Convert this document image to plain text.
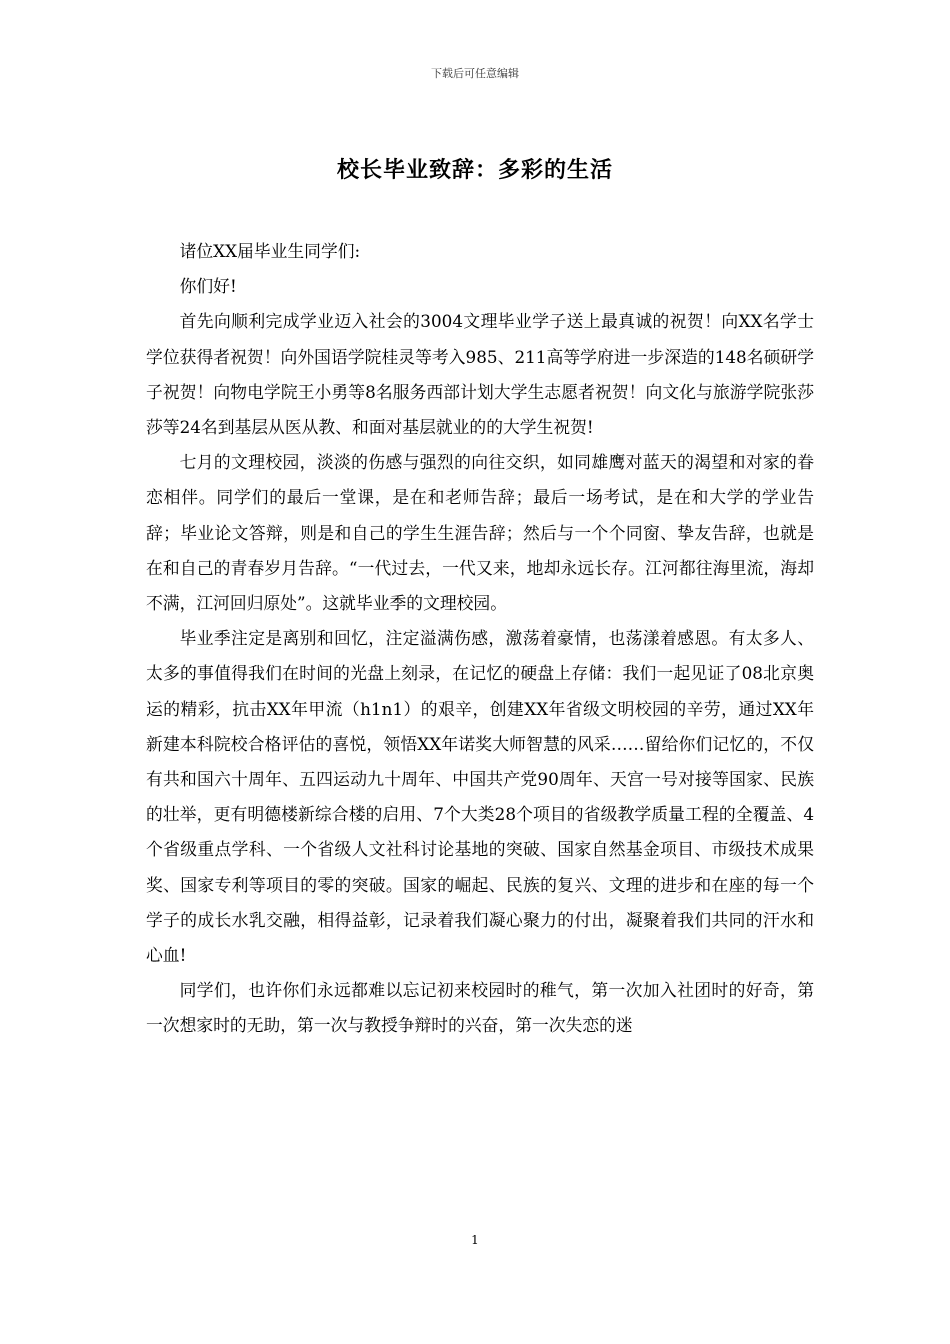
下载后可任意编辑
校长毕业致辞：多彩的生活

诸位XX届毕业生同学们:

你们好!

首先向顺利完成学业迈入社会的3004文理毕业学子送上最真诚的祝贺！向XX名学士学位获得者祝贺！向外国语学院桂灵等考入985、211高等学府进一步深造的148名硕研学子祝贺！向物电学院王小勇等8名服务西部计划大学生志愿者祝贺！向文化与旅游学院张莎莎等24名到基层从医从教、和面对基层就业的的大学生祝贺!

七月的文理校园，淡淡的伤感与强烈的向往交织，如同雄鹰对蓝天的渴望和对家的眷恋相伴。同学们的最后一堂课，是在和老师告辞；最后一场考试，是在和大学的学业告辞；毕业论文答辩，则是和自己的学生生涯告辞；然后与一个个同窗、挚友告辞，也就是在和自己的青春岁月告辞。“一代过去，一代又来，地却永远长存。江河都往海里流，海却不满，江河回归原处”。这就毕业季的文理校园。

毕业季注定是离别和回忆，注定溢满伤感，激荡着豪情，也荡漾着感恩。有太多人、太多的事值得我们在时间的光盘上刻录，在记忆的硬盘上存储：我们一起见证了08北京奥运的精彩，抗击XX年甲流（h1n1）的艰辛，创建XX年省级文明校园的辛劳，通过XX年新建本科院校合格评估的喜悦，领悟XX年诺奖大师智慧的风采……留给你们记忆的，不仅有共和国六十周年、五四运动九十周年、中国共产党90周年、天宫一号对接等国家、民族的壮举，更有明德楼新综合楼的启用、7个大类28个项目的省级教学质量工程的全覆盖、4个省级重点学科、一个省级人文社科讨论基地的突破、国家自然基金项目、市级技术成果奖、国家专利等项目的零的突破。国家的崛起、民族的复兴、文理的进步和在座的每一个学子的成长水乳交融，相得益彰，记录着我们凝心聚力的付出，凝聚着我们共同的汗水和心血!

同学们，也许你们永远都难以忘记初来校园时的稚气，第一次加入社团时的好奇，第一次想家时的无助，第一次与教授争辩时的兴奋，第一次失恋的迷

1
